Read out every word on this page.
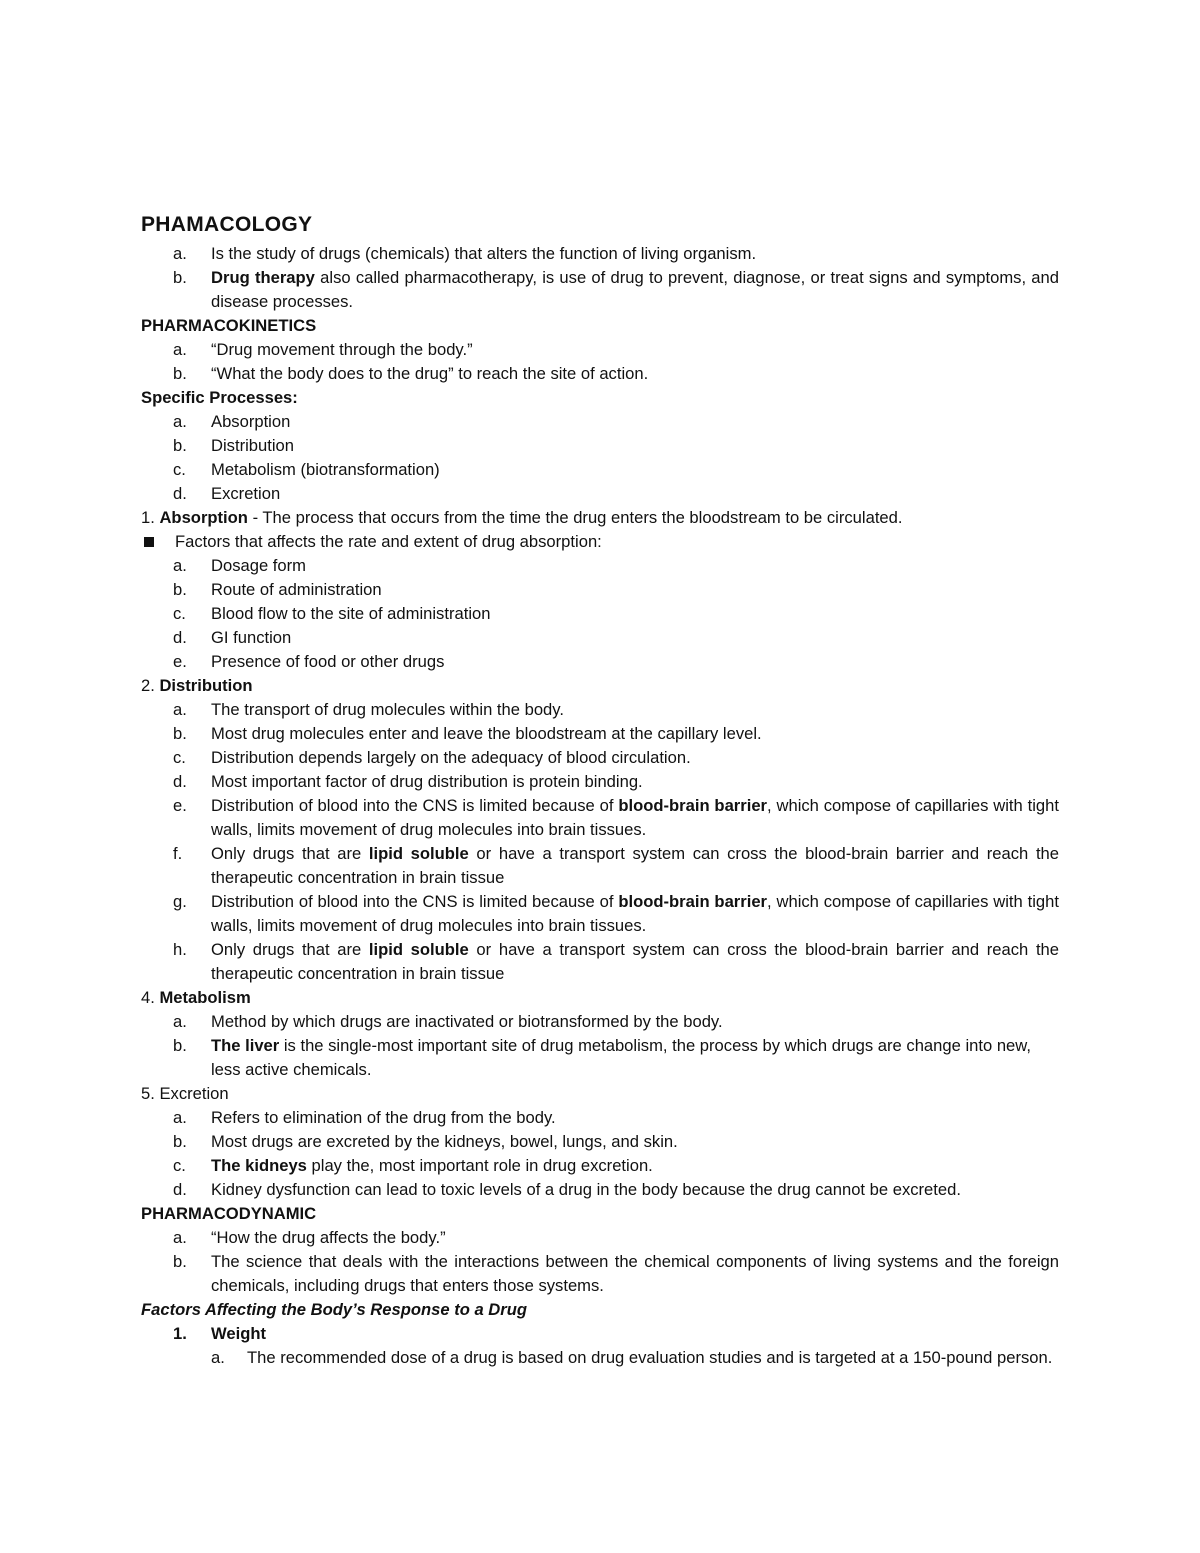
PHAMACOLOGY
a. Is the study of drugs (chemicals) that alters the function of living organism.
b. Drug therapy also called pharmacotherapy, is use of drug to prevent, diagnose, or treat signs and symptoms, and disease processes.
PHARMACOKINETICS
a. “Drug movement through the body.”
b. “What the body does to the drug” to reach the site of action.
Specific Processes:
a. Absorption
b. Distribution
c. Metabolism (biotransformation)
d. Excretion
1. Absorption - The process that occurs from the time the drug enters the bloodstream to be circulated.
Factors that affects the rate and extent of drug absorption:
a. Dosage form
b. Route of administration
c. Blood flow to the site of administration
d. GI function
e. Presence of food or other drugs
2. Distribution
a. The transport of drug molecules within the body.
b. Most drug molecules enter and leave the bloodstream at the capillary level.
c. Distribution depends largely on the adequacy of blood circulation.
d. Most important factor of drug distribution is protein binding.
e. Distribution of blood into the CNS is limited because of blood-brain barrier, which compose of capillaries with tight walls, limits movement of drug molecules into brain tissues.
f. Only drugs that are lipid soluble or have a transport system can cross the blood-brain barrier and reach the therapeutic concentration in brain tissue
g. Distribution of blood into the CNS is limited because of blood-brain barrier, which compose of capillaries with tight walls, limits movement of drug molecules into brain tissues.
h. Only drugs that are lipid soluble or have a transport system can cross the blood-brain barrier and reach the therapeutic concentration in brain tissue
4. Metabolism
a. Method by which drugs are inactivated or biotransformed by the body.
b. The liver is the single-most important site of drug metabolism, the process by which drugs are change into new, less active chemicals.
5. Excretion
a. Refers to elimination of the drug from the body.
b. Most drugs are excreted by the kidneys, bowel, lungs, and skin.
c. The kidneys play the, most important role in drug excretion.
d. Kidney dysfunction can lead to toxic levels of a drug in the body because the drug cannot be excreted.
PHARMACODYNAMIC
a. “How the drug affects the body.”
b. The science that deals with the interactions between the chemical components of living systems and the foreign chemicals, including drugs that enters those systems.
Factors Affecting the Body’s Response to a Drug
1. Weight
a. The recommended dose of a drug is based on drug evaluation studies and is targeted at a 150-pound person.
